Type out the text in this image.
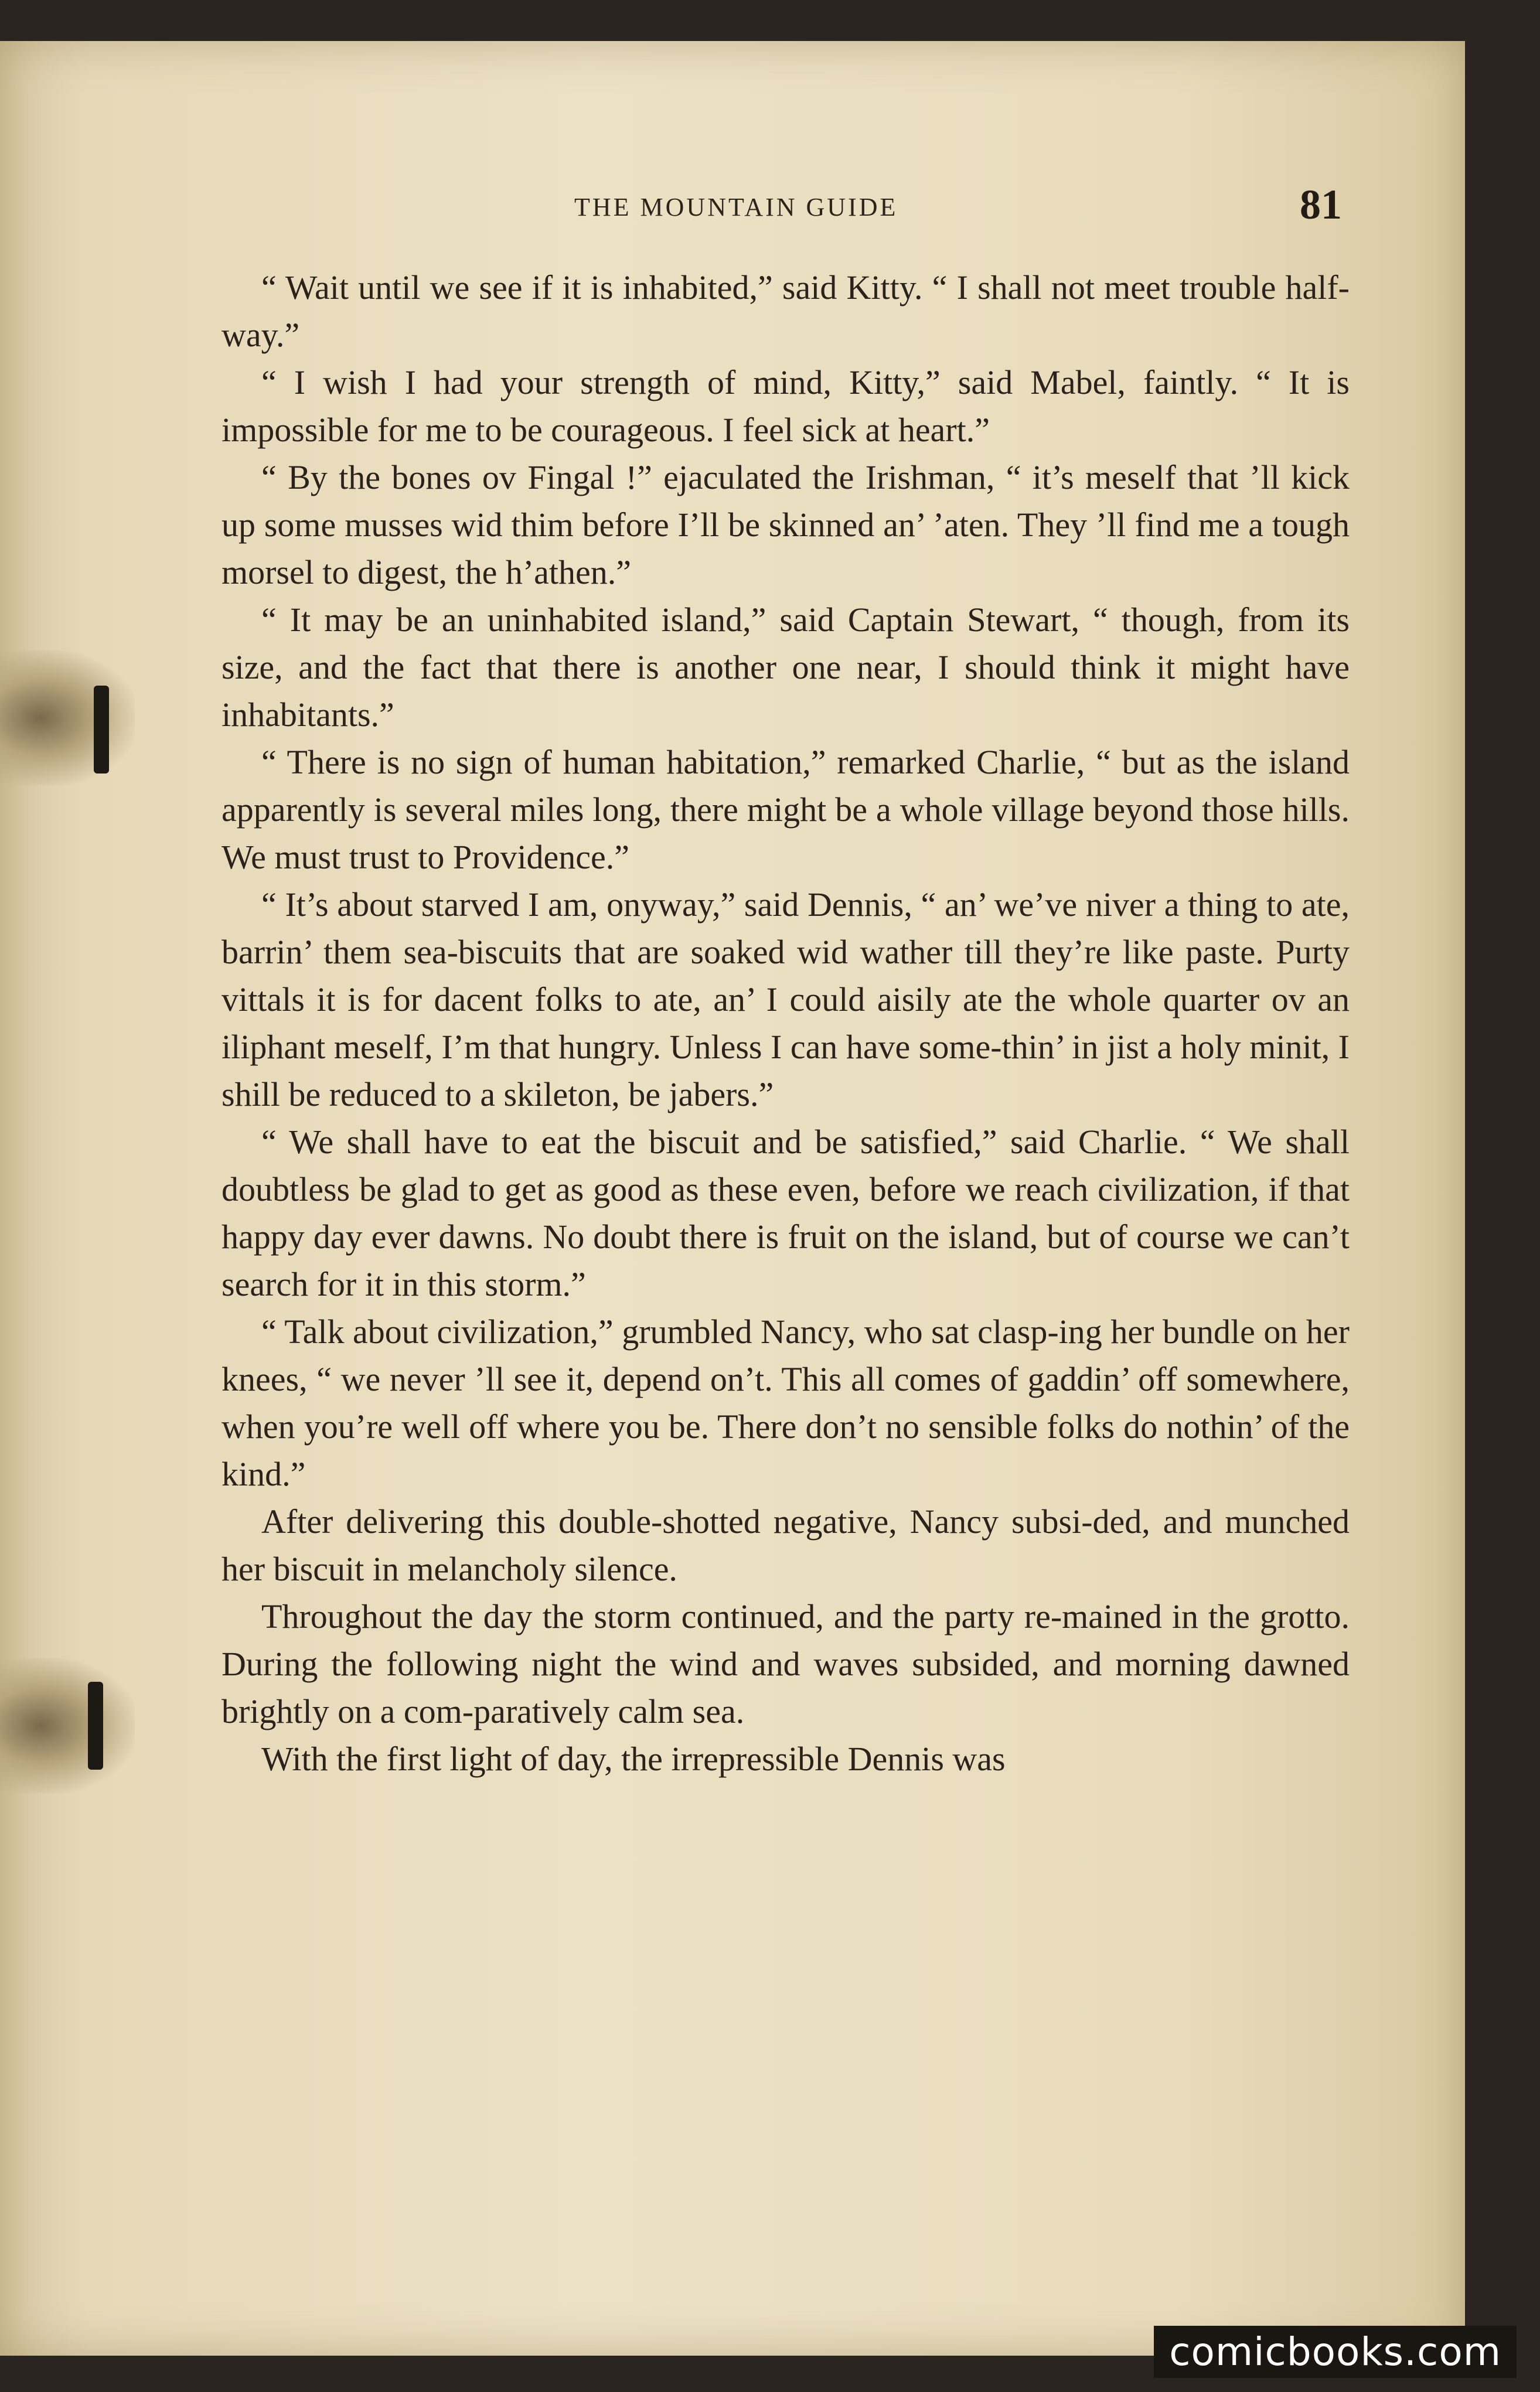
THE MOUNTAIN GUIDE	81

“ Wait until we see if it is inhabited,” said Kitty. “ I shall not meet trouble half-way.”

“ I wish I had your strength of mind, Kitty,” said Mabel, faintly. “ It is impossible for me to be courageous. I feel sick at heart.”

“ By the bones ov Fingal !” ejaculated the Irishman, “ it’s meself that ’ll kick up some musses wid thim before I’ll be skinned an’ ’aten. They ’ll find me a tough morsel to digest, the h’athen.”

“ It may be an uninhabited island,” said Captain Stewart, “ though, from its size, and the fact that there is another one near, I should think it might have inhabitants.”

“ There is no sign of human habitation,” remarked Charlie, “ but as the island apparently is several miles long, there might be a whole village beyond those hills. We must trust to Providence.”

“ It’s about starved I am, onyway,” said Dennis, “ an’ we’ve niver a thing to ate, barrin’ them sea-biscuits that are soaked wid wather till they’re like paste. Purty vittals it is for dacent folks to ate, an’ I could aisily ate the whole quarter ov an iliphant meself, I’m that hungry. Unless I can have some-thin’ in jist a holy minit, I shill be reduced to a skileton, be jabers.”

“ We shall have to eat the biscuit and be satisfied,” said Charlie. “ We shall doubtless be glad to get as good as these even, before we reach civilization, if that happy day ever dawns. No doubt there is fruit on the island, but of course we can’t search for it in this storm.”

“ Talk about civilization,” grumbled Nancy, who sat clasp-ing her bundle on her knees, “ we never ’ll see it, depend on’t. This all comes of gaddin’ off somewhere, when you’re well off where you be. There don’t no sensible folks do nothin’ of the kind.”

After delivering this double-shotted negative, Nancy subsi-ded, and munched her biscuit in melancholy silence.

Throughout the day the storm continued, and the party re-mained in the grotto. During the following night the wind and waves subsided, and morning dawned brightly on a com-paratively calm sea.

With the first light of day, the irrepressible Dennis was

comicbooks.com
